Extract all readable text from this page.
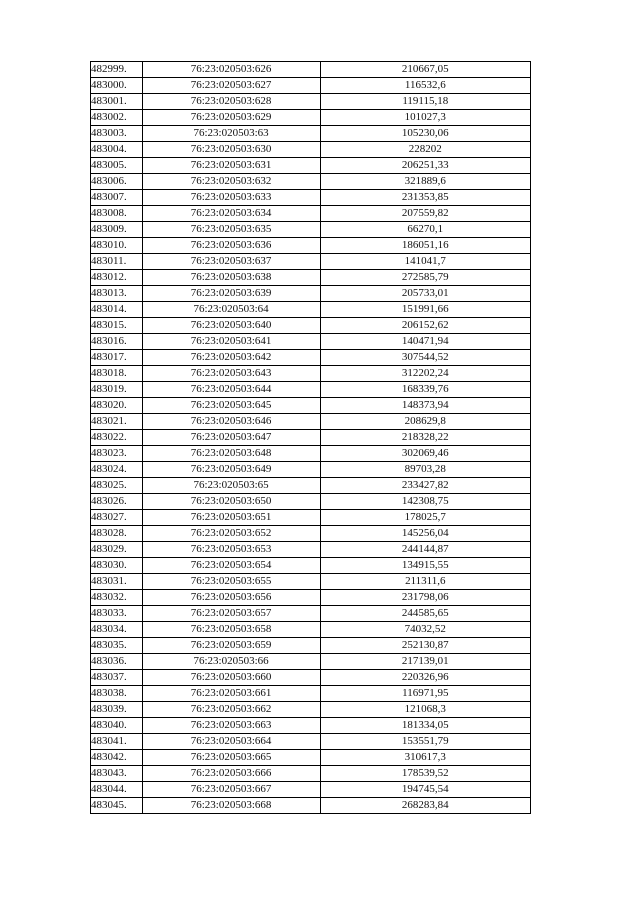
482999.	76:23:020503:626	210667,05
483000.	76:23:020503:627	116532,6
483001.	76:23:020503:628	119115,18
483002.	76:23:020503:629	101027,3
483003.	76:23:020503:63	105230,06
483004.	76:23:020503:630	228202
483005.	76:23:020503:631	206251,33
483006.	76:23:020503:632	321889,6
483007.	76:23:020503:633	231353,85
483008.	76:23:020503:634	207559,82
483009.	76:23:020503:635	66270,1
483010.	76:23:020503:636	186051,16
483011.	76:23:020503:637	141041,7
483012.	76:23:020503:638	272585,79
483013.	76:23:020503:639	205733,01
483014.	76:23:020503:64	151991,66
483015.	76:23:020503:640	206152,62
483016.	76:23:020503:641	140471,94
483017.	76:23:020503:642	307544,52
483018.	76:23:020503:643	312202,24
483019.	76:23:020503:644	168339,76
483020.	76:23:020503:645	148373,94
483021.	76:23:020503:646	208629,8
483022.	76:23:020503:647	218328,22
483023.	76:23:020503:648	302069,46
483024.	76:23:020503:649	89703,28
483025.	76:23:020503:65	233427,82
483026.	76:23:020503:650	142308,75
483027.	76:23:020503:651	178025,7
483028.	76:23:020503:652	145256,04
483029.	76:23:020503:653	244144,87
483030.	76:23:020503:654	134915,55
483031.	76:23:020503:655	211311,6
483032.	76:23:020503:656	231798,06
483033.	76:23:020503:657	244585,65
483034.	76:23:020503:658	74032,52
483035.	76:23:020503:659	252130,87
483036.	76:23:020503:66	217139,01
483037.	76:23:020503:660	220326,96
483038.	76:23:020503:661	116971,95
483039.	76:23:020503:662	121068,3
483040.	76:23:020503:663	181334,05
483041.	76:23:020503:664	153551,79
483042.	76:23:020503:665	310617,3
483043.	76:23:020503:666	178539,52
483044.	76:23:020503:667	194745,54
483045.	76:23:020503:668	268283,84
